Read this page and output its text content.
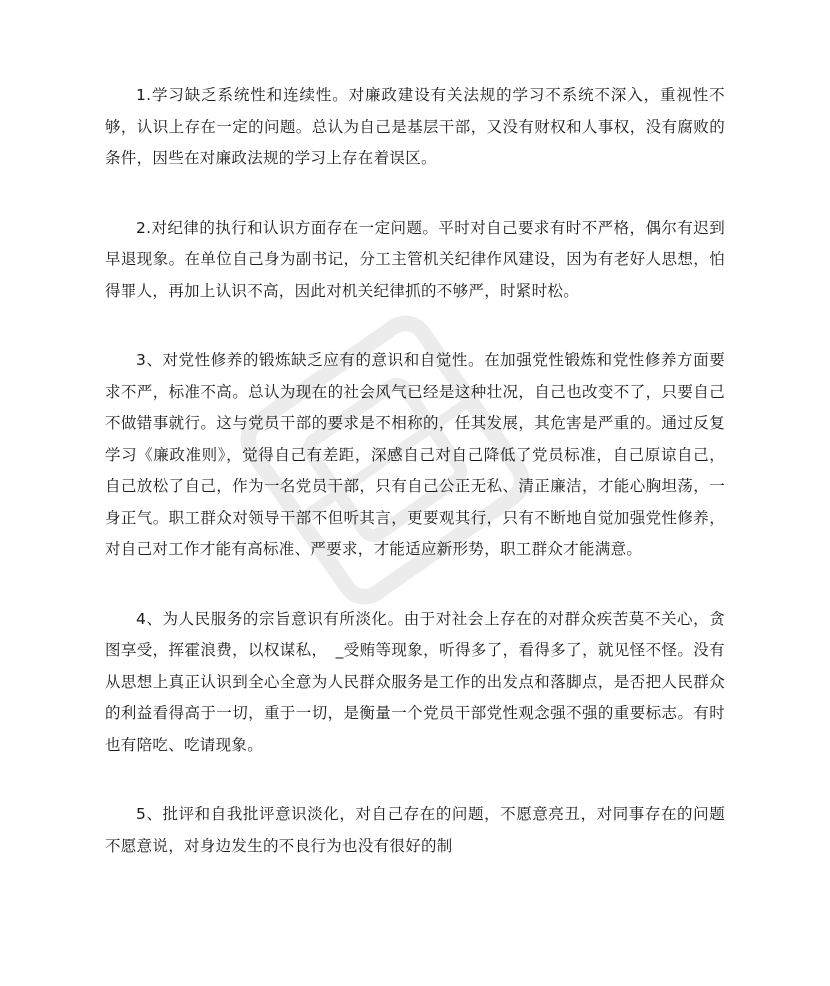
1.学习缺乏系统性和连续性。对廉政建设有关法规的学习不系统不深入，重视性不够，认识上存在一定的问题。总认为自己是基层干部，又没有财权和人事权，没有腐败的条件，因些在对廉政法规的学习上存在着误区。

2.对纪律的执行和认识方面存在一定问题。平时对自己要求有时不严格，偶尔有迟到早退现象。在单位自己身为副书记，分工主管机关纪律作风建设，因为有老好人思想，怕得罪人，再加上认识不高，因此对机关纪律抓的不够严，时紧时松。

3、对党性修养的锻炼缺乏应有的意识和自觉性。在加强党性锻炼和党性修养方面要求不严，标准不高。总认为现在的社会风气已经是这种壮况，自己也改变不了，只要自己不做错事就行。这与党员干部的要求是不相称的，任其发展，其危害是严重的。通过反复学习《廉政准则》，觉得自己有差距，深感自己对自己降低了党员标准，自己原谅自己，自己放松了自己，作为一名党员干部，只有自己公正无私、清正廉洁，才能心胸坦荡，一身正气。职工群众对领导干部不但听其言，更要观其行，只有不断地自觉加强党性修养，对自己对工作才能有高标准、严要求，才能适应新形势，职工群众才能满意。

4、为人民服务的宗旨意识有所淡化。由于对社会上存在的对群众疾苦莫不关心，贪图享受，挥霍浪费，以权谋私，　_受贿等现象，听得多了，看得多了，就见怪不怪。没有从思想上真正认识到全心全意为人民群众服务是工作的出发点和落脚点，是否把人民群众的利益看得高于一切，重于一切，是衡量一个党员干部党性观念强不强的重要标志。有时也有陪吃、吃请现象。

5、批评和自我批评意识淡化，对自己存在的问题，不愿意亮丑，对同事存在的问题不愿意说，对身边发生的不良行为也没有很好的制
